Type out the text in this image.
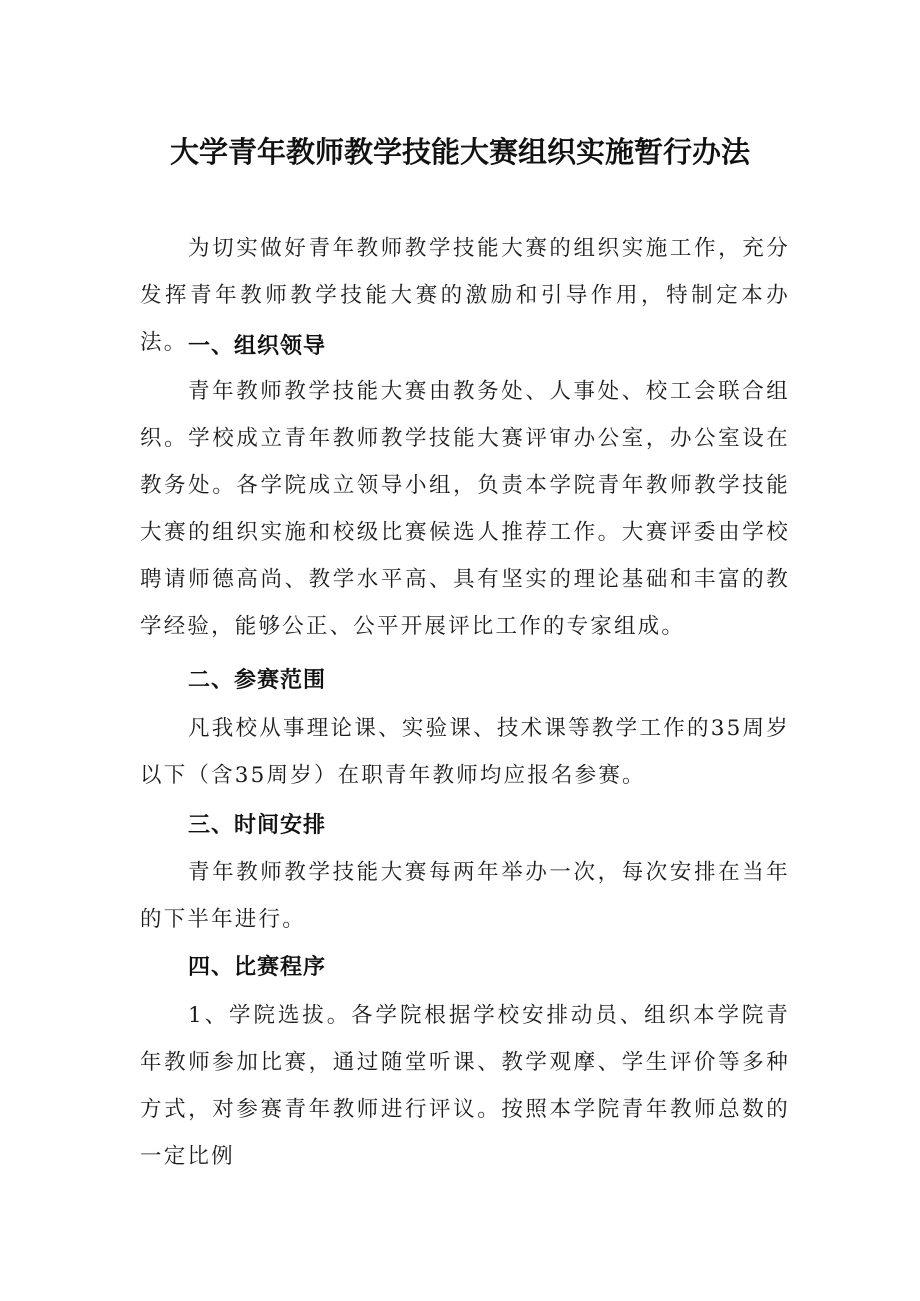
大学青年教师教学技能大赛组织实施暂行办法

为切实做好青年教师教学技能大赛的组织实施工作，充分发挥青年教师教学技能大赛的激励和引导作用，特制定本办法。 一、组织领导

青年教师教学技能大赛由教务处、人事处、校工会联合组织。学校成立青年教师教学技能大赛评审办公室，办公室设在教务处。各学院成立领导小组，负责本学院青年教师教学技能大赛的组织实施和校级比赛候选人推荐工作。大赛评委由学校聘请师德高尚、教学水平高、具有坚实的理论基础和丰富的教学经验，能够公正、公平开展评比工作的专家组成。

二、参赛范围

凡我校从事理论课、实验课、技术课等教学工作的35周岁以下（含35周岁）在职青年教师均应报名参赛。

三、时间安排

青年教师教学技能大赛每两年举办一次，每次安排在当年的下半年进行。

四、比赛程序

1、学院选拔。各学院根据学校安排动员、组织本学院青年教师参加比赛，通过随堂听课、教学观摩、学生评价等多种方式，对参赛青年教师进行评议。按照本学院青年教师总数的一定比例
